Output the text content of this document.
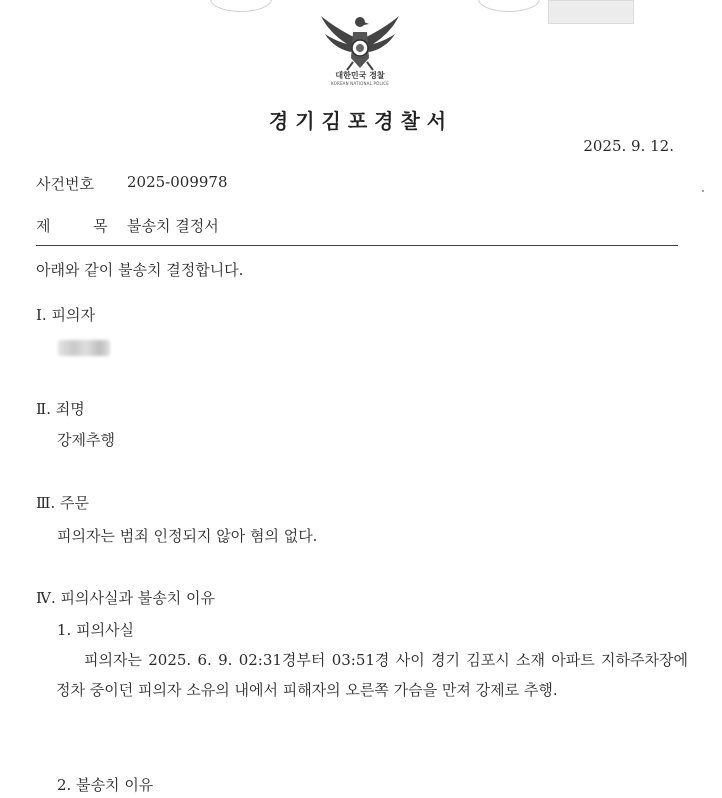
대한민국 경찰
KOREAN NATIONAL POLICE
경기김포경찰서
2025. 9. 12.
사건번호 2025-009978
제 목 불송치 결정서
아래와 같이 불송치 결정합니다.
Ⅰ. 피의자
Ⅱ. 죄명
강제추행
Ⅲ. 주문
피의자는 범죄 인정되지 않아 혐의 없다.
Ⅳ. 피의사실과 불송치 이유
1. 피의사실
피의자는 2025. 6. 9. 02:31경부터 03:51경 사이 경기 김포시 소재 아파트 지하주차장에 정차 중이던 피의자 소유의 내에서 피해자의 오른쪽 가슴을 만져 강제로 추행.
2. 불송치 이유
